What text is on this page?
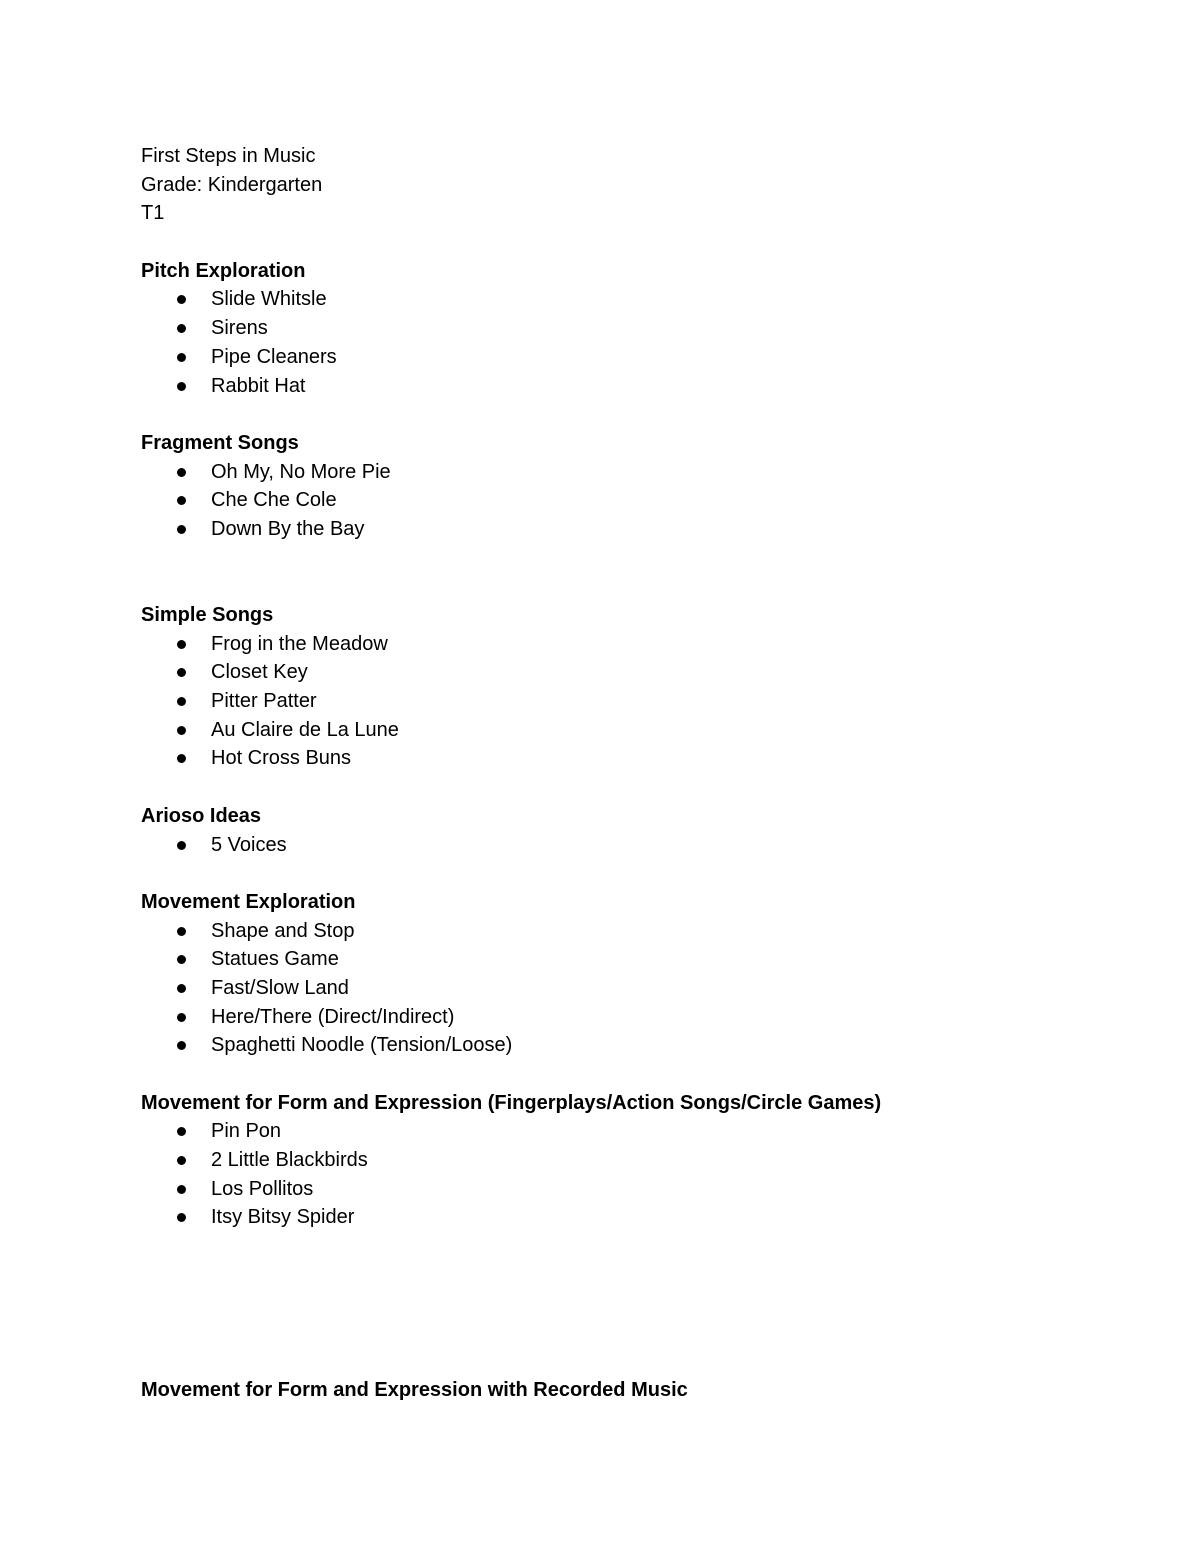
First Steps in Music
Grade: Kindergarten
T1
Pitch Exploration
Slide Whitsle
Sirens
Pipe Cleaners
Rabbit Hat
Fragment Songs
Oh My, No More Pie
Che Che Cole
Down By the Bay
Simple Songs
Frog in the Meadow
Closet Key
Pitter Patter
Au Claire de La Lune
Hot Cross Buns
Arioso Ideas
5 Voices
Movement Exploration
Shape and Stop
Statues Game
Fast/Slow Land
Here/There (Direct/Indirect)
Spaghetti Noodle (Tension/Loose)
Movement for Form and Expression (Fingerplays/Action Songs/Circle Games)
Pin Pon
2 Little Blackbirds
Los Pollitos
Itsy Bitsy Spider
Movement for Form and Expression with Recorded Music
